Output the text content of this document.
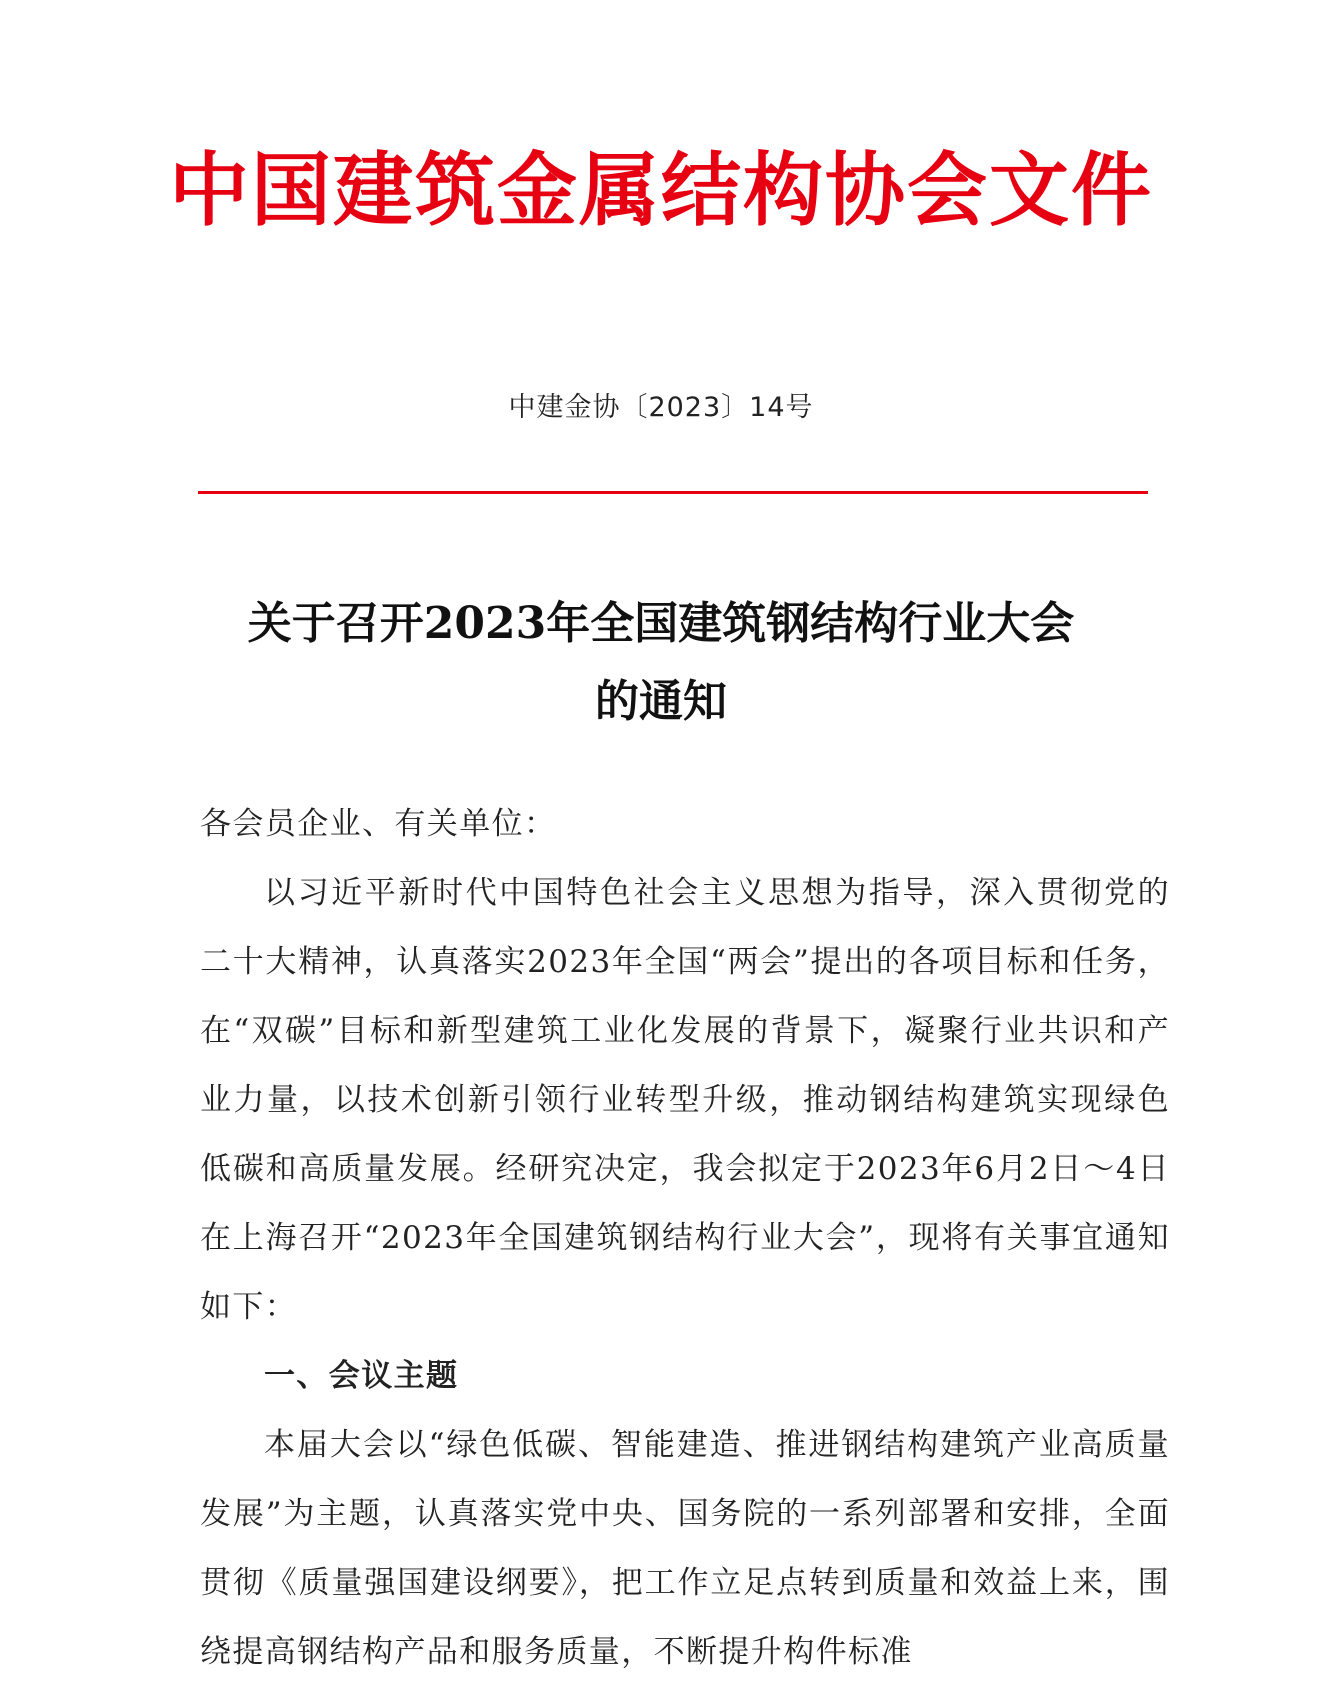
中国建筑金属结构协会文件
中建金协〔2023〕14号
关于召开2023年全国建筑钢结构行业大会
的通知

各会员企业、有关单位：

以习近平新时代中国特色社会主义思想为指导，深入贯彻党的二十大精神，认真落实2023年全国“两会”提出的各项目标和任务，在“双碳”目标和新型建筑工业化发展的背景下，凝聚行业共识和产业力量，以技术创新引领行业转型升级，推动钢结构建筑实现绿色低碳和高质量发展。经研究决定，我会拟定于2023年6月2日～4日在上海召开“2023年全国建筑钢结构行业大会”，现将有关事宜通知如下：

一、会议主题

本届大会以“绿色低碳、智能建造、推进钢结构建筑产业高质量发展”为主题，认真落实党中央、国务院的一系列部署和安排，全面贯彻《质量强国建设纲要》，把工作立足点转到质量和效益上来，围绕提高钢结构产品和服务质量，不断提升构件标准
